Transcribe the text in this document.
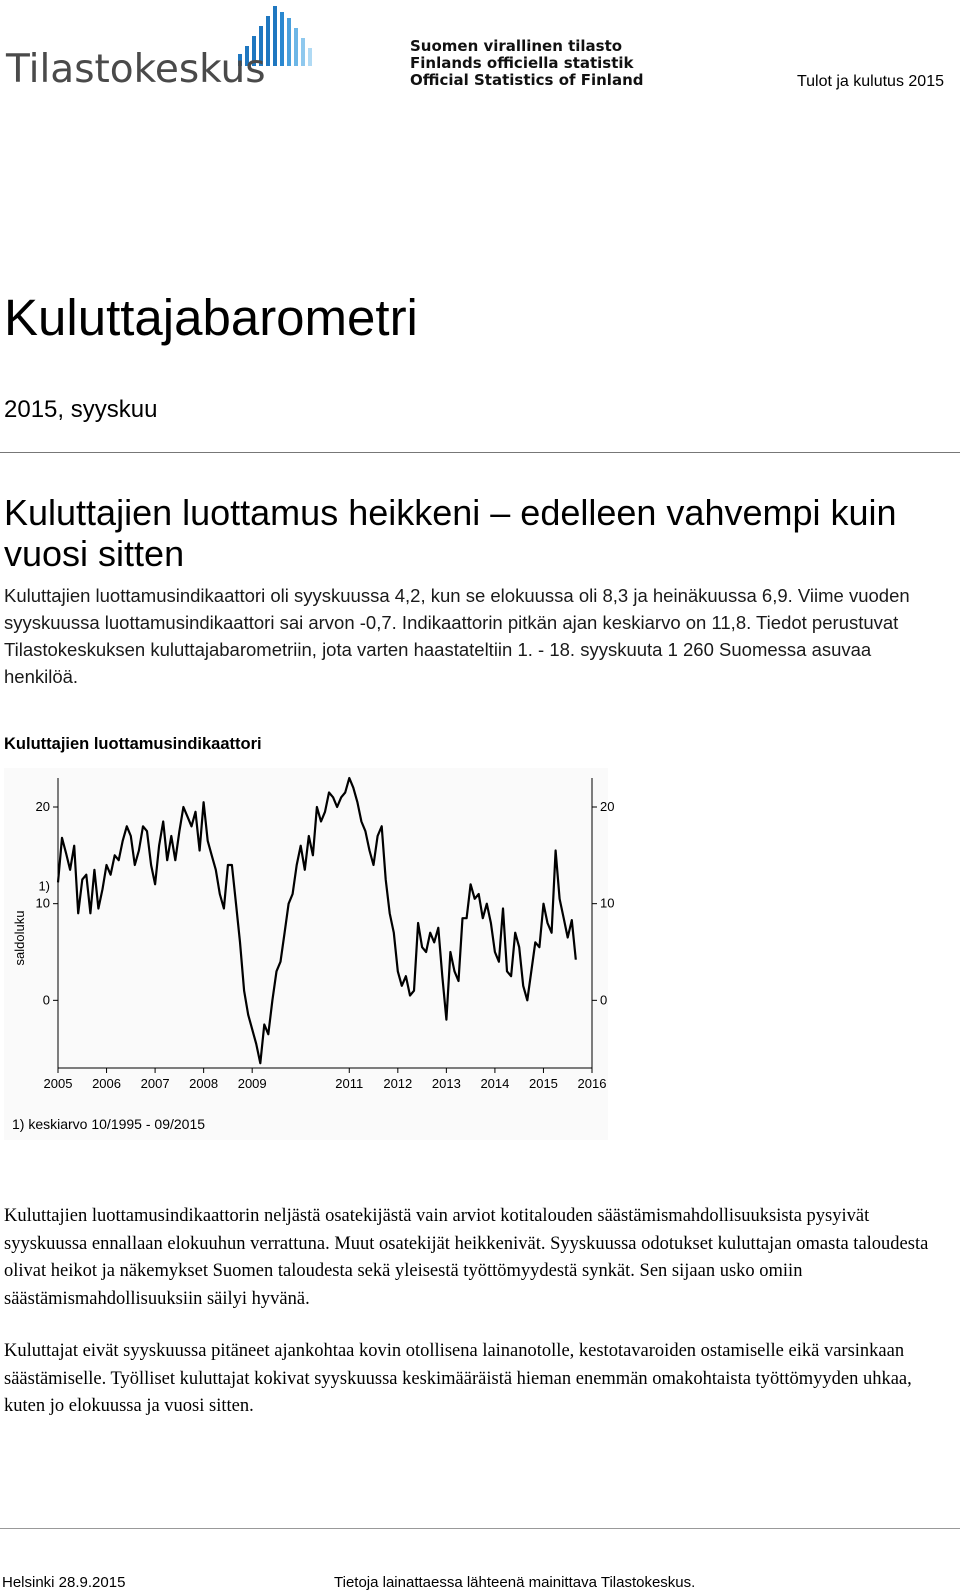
Tilastokeskus
Suomen virallinen tilasto
Finlands officiella statistik
Official Statistics of Finland	Tulot ja kulutus 2015
Kuluttajabarometri
2015, syyskuu
Kuluttajien luottamus heikkeni – edelleen vahvempi kuin vuosi sitten
Kuluttajien luottamusindikaattori oli syyskuussa 4,2, kun se elokuussa oli 8,3 ja heinäkuussa 6,9. Viime vuoden syyskuussa luottamusindikaattori sai arvon -0,7. Indikaattorin pitkän ajan keskiarvo on 11,8. Tiedot perustuvat Tilastokeskuksen kuluttajabarometriin, jota varten haastateltiin 1. - 18. syyskuuta 1 260 Suomessa asuvaa henkilöä.
Kuluttajien luottamusindikaattori
0	0
10	10
20	20
2005 2006 2007 2008 2009	2011 2012 2013 2014 2015 2016
saldoluku
1)
1) keskiarvo 10/1995 - 09/2015
Kuluttajien luottamusindikaattorin neljästä osatekijästä vain arviot kotitalouden säästämismahdollisuuksista pysyivät syyskuussa ennallaan elokuuhun verrattuna. Muut osatekijät heikkenivät. Syyskuussa odotukset kuluttajan omasta taloudesta olivat heikot ja näkemykset Suomen taloudesta sekä yleisestä työttömyydestä synkät. Sen sijaan usko omiin säästämismahdollisuuksiin säilyi hyvänä.
Kuluttajat eivät syyskuussa pitäneet ajankohtaa kovin otollisena lainanotolle, kestotavaroiden ostamiselle eikä varsinkaan säästämiselle. Työlliset kuluttajat kokivat syyskuussa keskimääräistä hieman enemmän omakohtaista työttömyyden uhkaa, kuten jo elokuussa ja vuosi sitten.
Helsinki 28.9.2015	Tietoja lainattaessa lähteenä mainittava Tilastokeskus.
